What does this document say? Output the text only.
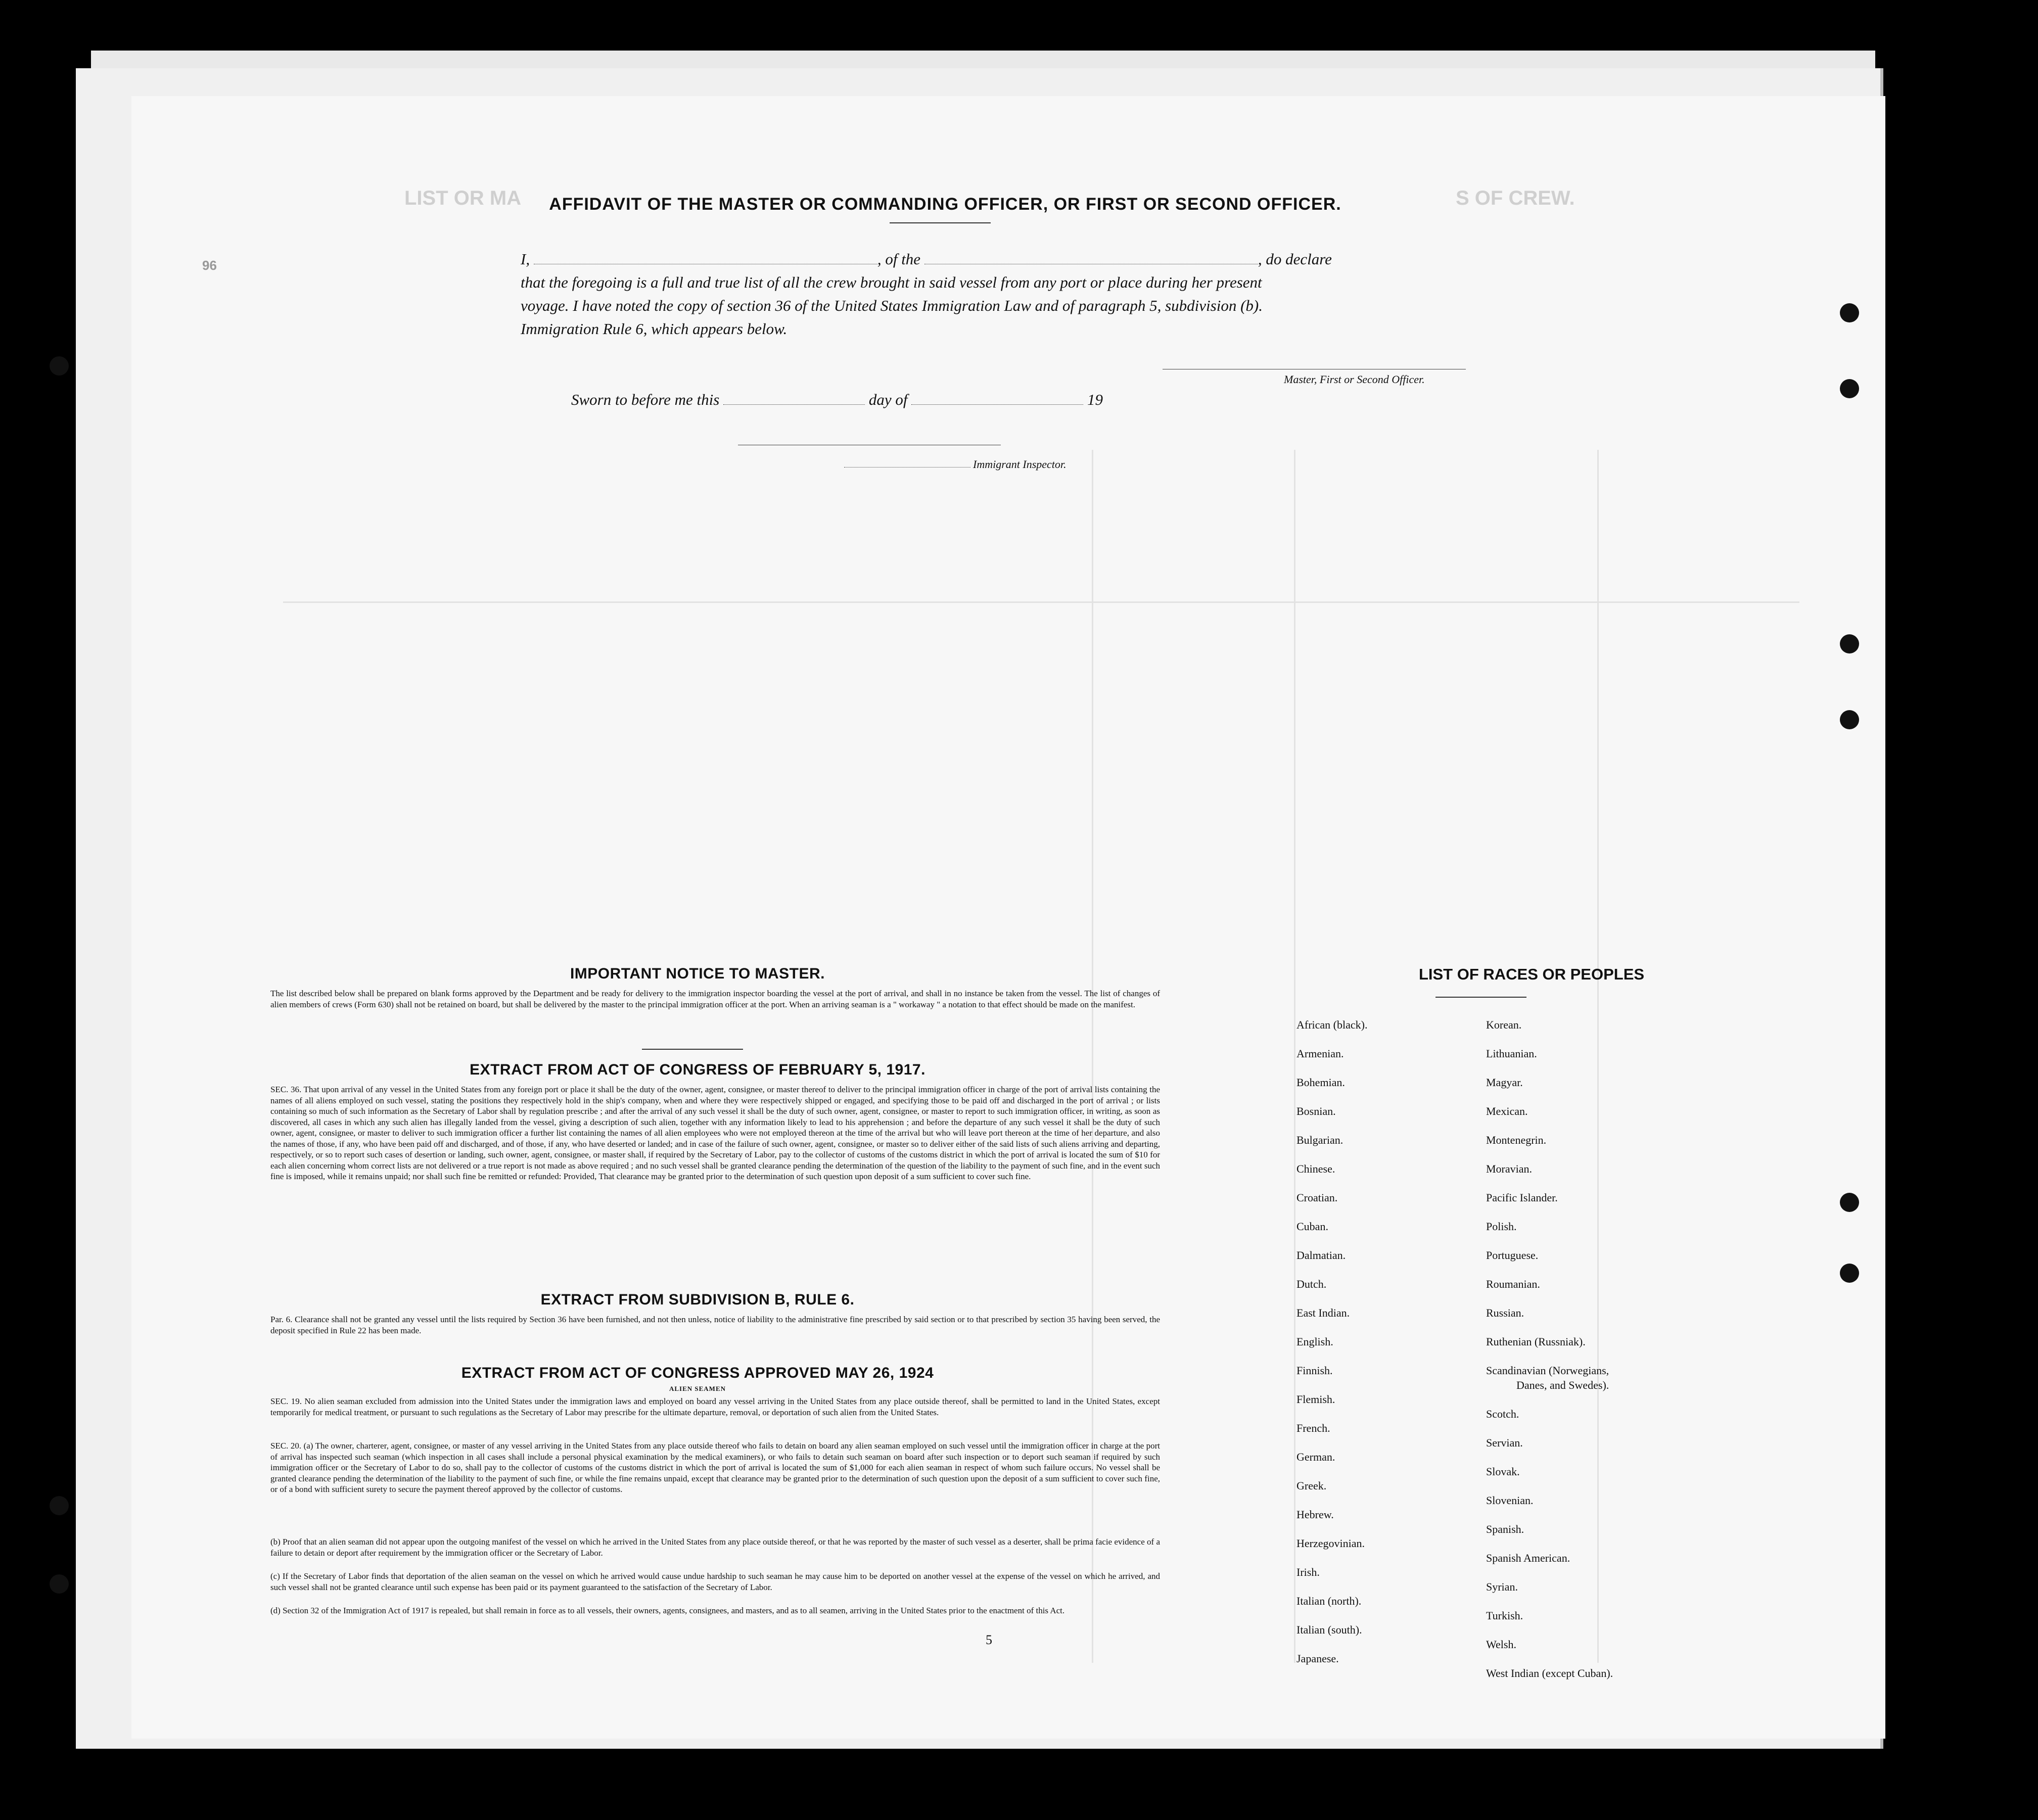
LIST OR MA	S OF CREW.
96
AFFIDAVIT OF THE MASTER OR COMMANDING OFFICER, OR FIRST OR SECOND OFFICER.
I,	, of the	, do declare
that the foregoing is a full and true list of all the crew brought in said vessel from any port or place during her present
voyage. I have noted the copy of section 36 of the United States Immigration Law and of paragraph 5, subdivision (b).
Immigration Rule 6, which appears below.
Master, First or Second Officer.
Sworn to before me this	day of	19
Immigrant Inspector.
IMPORTANT NOTICE TO MASTER.
The list described below shall be prepared on blank forms approved by the Department and be ready for delivery to the immigration inspector boarding the vessel at the port of arrival, and shall in no instance be taken from the vessel. The list of changes of alien members of crews (Form 630) shall not be retained on board, but shall be delivered by the master to the principal immigration officer at the port. When an arriving seaman is a " workaway " a notation to that effect should be made on the manifest.
EXTRACT FROM ACT OF CONGRESS OF FEBRUARY 5, 1917.
SEC. 36. That upon arrival of any vessel in the United States from any foreign port or place it shall be the duty of the owner, agent, consignee, or master thereof to deliver to the principal immigration officer in charge of the port of arrival lists containing the names of all aliens employed on such vessel, stating the positions they respectively hold in the ship's company, when and where they were respectively shipped or engaged, and specifying those to be paid off and discharged in the port of arrival ; or lists containing so much of such information as the Secretary of Labor shall by regulation prescribe ; and after the arrival of any such vessel it shall be the duty of such owner, agent, consignee, or master to report to such immigration officer, in writing, as soon as discovered, all cases in which any such alien has illegally landed from the vessel, giving a description of such alien, together with any information likely to lead to his apprehension ; and before the departure of any such vessel it shall be the duty of such owner, agent, consignee, or master to deliver to such immigration officer a further list containing the names of all alien employees who were not employed thereon at the time of the arrival but who will leave port thereon at the time of her departure, and also the names of those, if any, who have been paid off and discharged, and of those, if any, who have deserted or landed; and in case of the failure of such owner, agent, consignee, or master so to deliver either of the said lists of such aliens arriving and departing, respectively, or so to report such cases of desertion or landing, such owner, agent, consignee, or master shall, if required by the Secretary of Labor, pay to the collector of customs of the customs district in which the port of arrival is located the sum of $10 for each alien concerning whom correct lists are not delivered or a true report is not made as above required ; and no such vessel shall be granted clearance pending the determination of the question of the liability to the payment of such fine, and in the event such fine is imposed, while it remains unpaid; nor shall such fine be remitted or refunded: Provided, That clearance may be granted prior to the determination of such question upon deposit of a sum sufficient to cover such fine.
EXTRACT FROM SUBDIVISION B, RULE 6.
Par. 6. Clearance shall not be granted any vessel until the lists required by Section 36 have been furnished, and not then unless, notice of liability to the administrative fine prescribed by said section or to that prescribed by section 35 having been served, the deposit specified in Rule 22 has been made.
EXTRACT FROM ACT OF CONGRESS APPROVED MAY 26, 1924
ALIEN SEAMEN
SEC. 19. No alien seaman excluded from admission into the United States under the immigration laws and employed on board any vessel arriving in the United States from any place outside thereof, shall be permitted to land in the United States, except temporarily for medical treatment, or pursuant to such regulations as the Secretary of Labor may prescribe for the ultimate departure, removal, or deportation of such alien from the United States.
SEC. 20. (a) The owner, charterer, agent, consignee, or master of any vessel arriving in the United States from any place outside thereof who fails to detain on board any alien seaman employed on such vessel until the immigration officer in charge at the port of arrival has inspected such seaman (which inspection in all cases shall include a personal physical examination by the medical examiners), or who fails to detain such seaman on board after such inspection or to deport such seaman if required by such immigration officer or the Secretary of Labor to do so, shall pay to the collector of customs of the customs district in which the port of arrival is located the sum of $1,000 for each alien seaman in respect of whom such failure occurs. No vessel shall be granted clearance pending the determination of the liability to the payment of such fine, or while the fine remains unpaid, except that clearance may be granted prior to the determination of such question upon the deposit of a sum sufficient to cover such fine, or of a bond with sufficient surety to secure the payment thereof approved by the collector of customs.
(b) Proof that an alien seaman did not appear upon the outgoing manifest of the vessel on which he arrived in the United States from any place outside thereof, or that he was reported by the master of such vessel as a deserter, shall be prima facie evidence of a failure to detain or deport after requirement by the immigration officer or the Secretary of Labor.
(c) If the Secretary of Labor finds that deportation of the alien seaman on the vessel on which he arrived would cause undue hardship to such seaman he may cause him to be deported on another vessel at the expense of the vessel on which he arrived, and such vessel shall not be granted clearance until such expense has been paid or its payment guaranteed to the satisfaction of the Secretary of Labor.
(d) Section 32 of the Immigration Act of 1917 is repealed, but shall remain in force as to all vessels, their owners, agents, consignees, and masters, and as to all seamen, arriving in the United States prior to the enactment of this Act.
LIST OF RACES OR PEOPLES
African (black).
Armenian.
Bohemian.
Bosnian.
Bulgarian.
Chinese.
Croatian.
Cuban.
Dalmatian.
Dutch.
East Indian.
English.
Finnish.
Flemish.
French.
German.
Greek.
Hebrew.
Herzegovinian.
Irish.
Italian (north).
Italian (south).
Japanese.
Korean.
Lithuanian.
Magyar.
Mexican.
Montenegrin.
Moravian.
Pacific Islander.
Polish.
Portuguese.
Roumanian.
Russian.
Ruthenian (Russniak).
Scandinavian (Norwegians,
Danes, and Swedes).
Scotch.
Servian.
Slovak.
Slovenian.
Spanish.
Spanish American.
Syrian.
Turkish.
Welsh.
West Indian (except Cuban).
5
